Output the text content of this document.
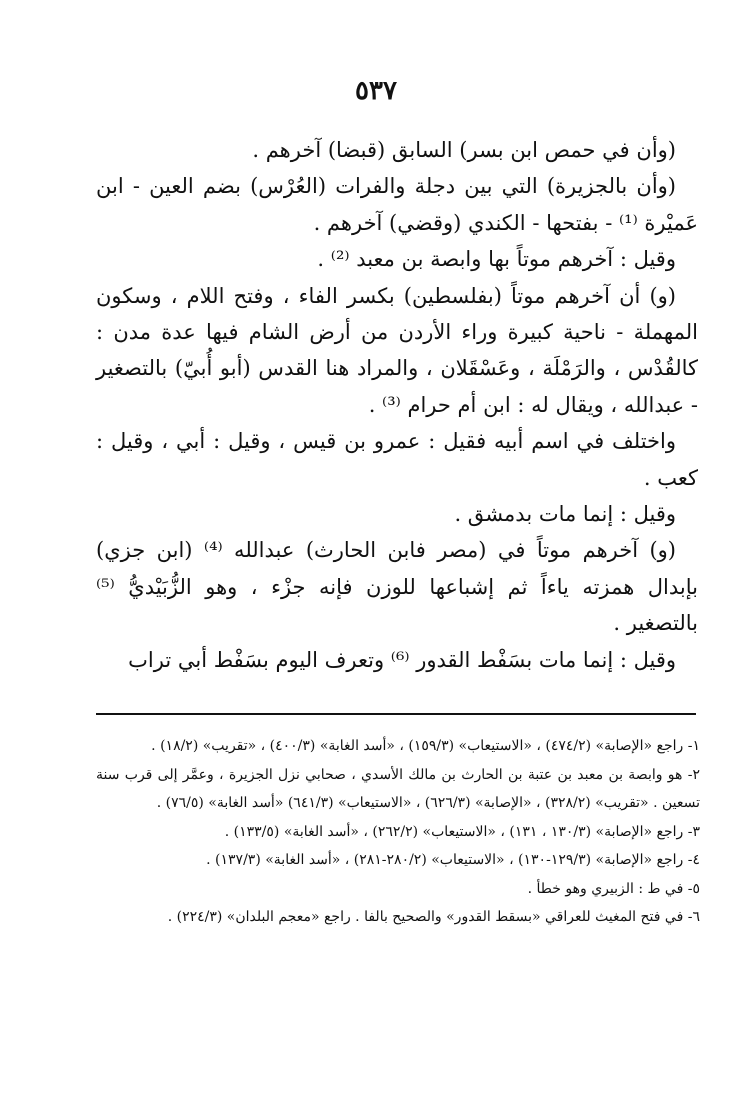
٥٣٧

(وأن في حمص ابن بسر) السابق (قبضا) آخرهم .

(وأن بالجزيرة) التي بين دجلة والفرات (العُرْس) بضم العين - ابن عَميْرة ⁽¹⁾ - بفتحها - الكندي (وقضي) آخرهم .

وقيل : آخرهم موتاً بها وابصة بن معبد ⁽²⁾ .

(و) أن آخرهم موتاً (بفلسطين) بكسر الفاء ، وفتح اللام ، وسكون المهملة - ناحية كبيرة وراء الأردن من أرض الشام فيها عدة مدن : كالقُدْس ، والرَمْلَة ، وعَسْقَلان ، والمراد هنا القدس (أبو أُبيّ) بالتصغير - عبدالله ، ويقال له : ابن أم حرام ⁽³⁾ .

واختلف في اسم أبيه فقيل : عمرو بن قيس ، وقيل : أبي ، وقيل : كعب .

وقيل : إنما مات بدمشق .

(و) آخرهم موتاً في (مصر فابن الحارث) عبدالله ⁽⁴⁾ (ابن جزي) بإبدال همزته ياءاً ثم إشباعها للوزن فإنه جزْء ، وهو الزُّبَيْديُّ ⁽⁵⁾ بالتصغير .

وقيل : إنما مات بسَفْط القدور ⁽⁶⁾ وتعرف اليوم بسَفْط أبي تراب

١- راجع «الإصابة» (٤٧٤/٢) ، «الاستيعاب» (١٥٩/٣) ، «أسد الغابة» (٤٠٠/٣) ، «تقريب» (١٨/٢) .

٢- هو وابصة بن معبد بن عتبة بن الحارث بن مالك الأسدي ، صحابي نزل الجزيرة ، وعمَّر إلى قرب سنة تسعين . «تقريب» (٣٢٨/٢) ، «الإصابة» (٦٢٦/٣) ، «الاستيعاب» (٦٤١/٣) «أسد الغابة» (٧٦/٥) .

٣- راجع «الإصابة» (١٣٠/٣ ، ١٣١) ، «الاستيعاب» (٢٦٢/٢) ، «أسد الغابة» (١٣٣/٥) .

٤- راجع «الإصابة» (١٢٩/٣-١٣٠) ، «الاستيعاب» (٢٨٠/٢-٢٨١) ، «أسد الغابة» (١٣٧/٣) .

٥- في ط : الزبيري وهو خطأ .

٦- في فتح المغيث للعراقي «بسقط القدور» والصحيح بالفا . راجع «معجم البلدان» (٢٢٤/٣) .
